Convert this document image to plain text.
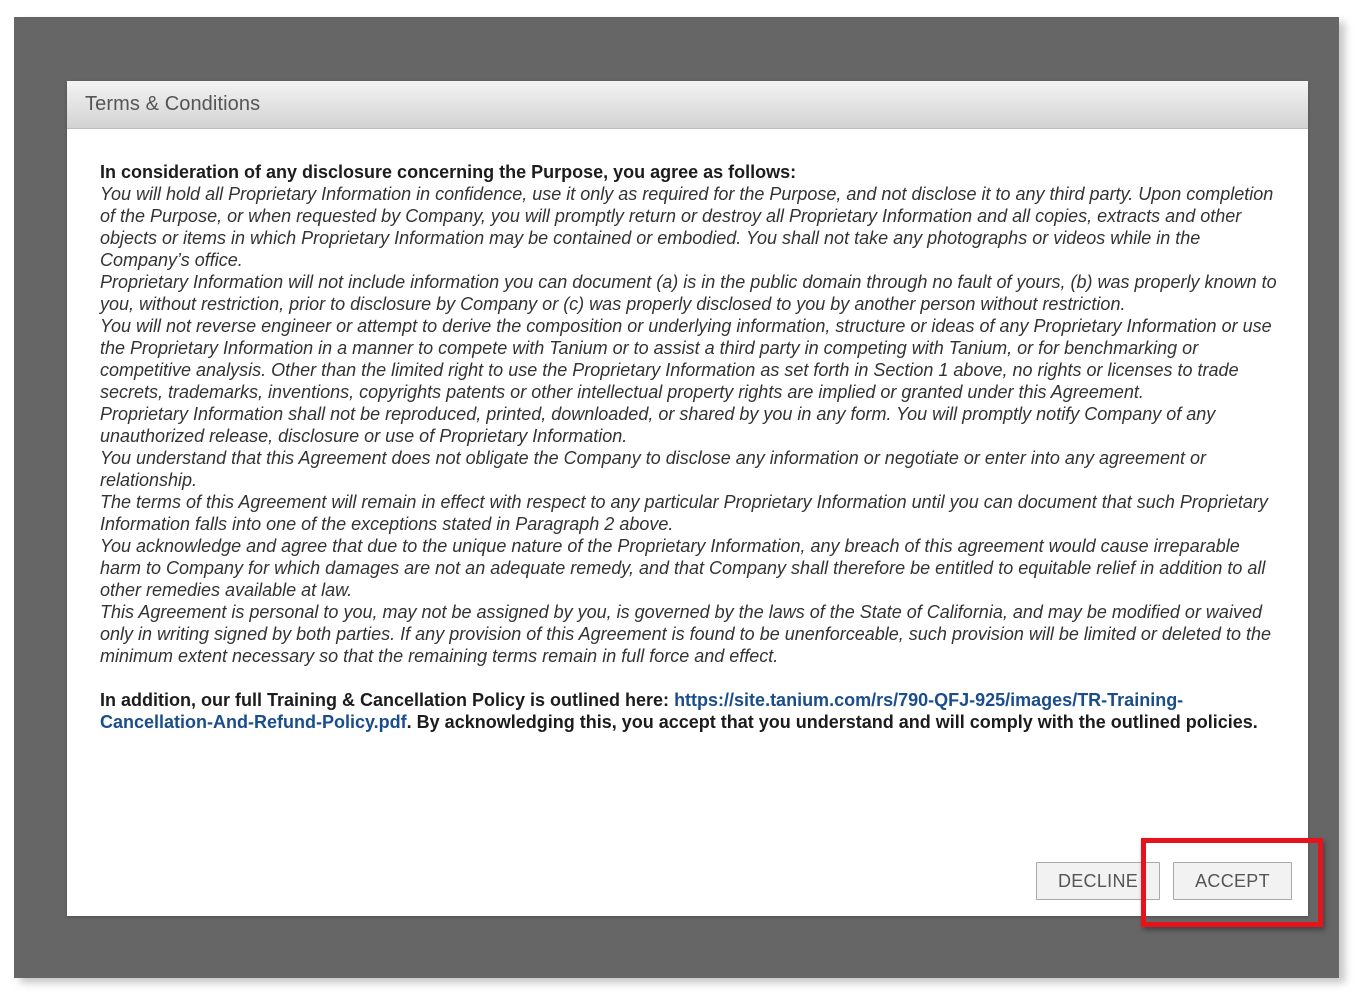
Terms & Conditions

In consideration of any disclosure concerning the Purpose, you agree as follows:

You will hold all Proprietary Information in confidence, use it only as required for the Purpose, and not disclose it to any third party. Upon completion of the Purpose, or when requested by Company, you will promptly return or destroy all Proprietary Information and all copies, extracts and other objects or items in which Proprietary Information may be contained or embodied. You shall not take any photographs or videos while in the Company’s office.

Proprietary Information will not include information you can document (a) is in the public domain through no fault of yours, (b) was properly known to you, without restriction, prior to disclosure by Company or (c) was properly disclosed to you by another person without restriction.

You will not reverse engineer or attempt to derive the composition or underlying information, structure or ideas of any Proprietary Information or use the Proprietary Information in a manner to compete with Tanium or to assist a third party in competing with Tanium, or for benchmarking or competitive analysis. Other than the limited right to use the Proprietary Information as set forth in Section 1 above, no rights or licenses to trade secrets, trademarks, inventions, copyrights patents or other intellectual property rights are implied or granted under this Agreement.

Proprietary Information shall not be reproduced, printed, downloaded, or shared by you in any form. You will promptly notify Company of any unauthorized release, disclosure or use of Proprietary Information.

You understand that this Agreement does not obligate the Company to disclose any information or negotiate or enter into any agreement or relationship.

The terms of this Agreement will remain in effect with respect to any particular Proprietary Information until you can document that such Proprietary Information falls into one of the exceptions stated in Paragraph 2 above.

You acknowledge and agree that due to the unique nature of the Proprietary Information, any breach of this agreement would cause irreparable harm to Company for which damages are not an adequate remedy, and that Company shall therefore be entitled to equitable relief in addition to all other remedies available at law.

This Agreement is personal to you, may not be assigned by you, is governed by the laws of the State of California, and may be modified or waived only in writing signed by both parties. If any provision of this Agreement is found to be unenforceable, such provision will be limited or deleted to the minimum extent necessary so that the remaining terms remain in full force and effect.

In addition, our full Training & Cancellation Policy is outlined here: https://site.tanium.com/rs/790-QFJ-925/images/TR-Training-Cancellation-And-Refund-Policy.pdf. By acknowledging this, you accept that you understand and will comply with the outlined policies.

DECLINE	ACCEPT
